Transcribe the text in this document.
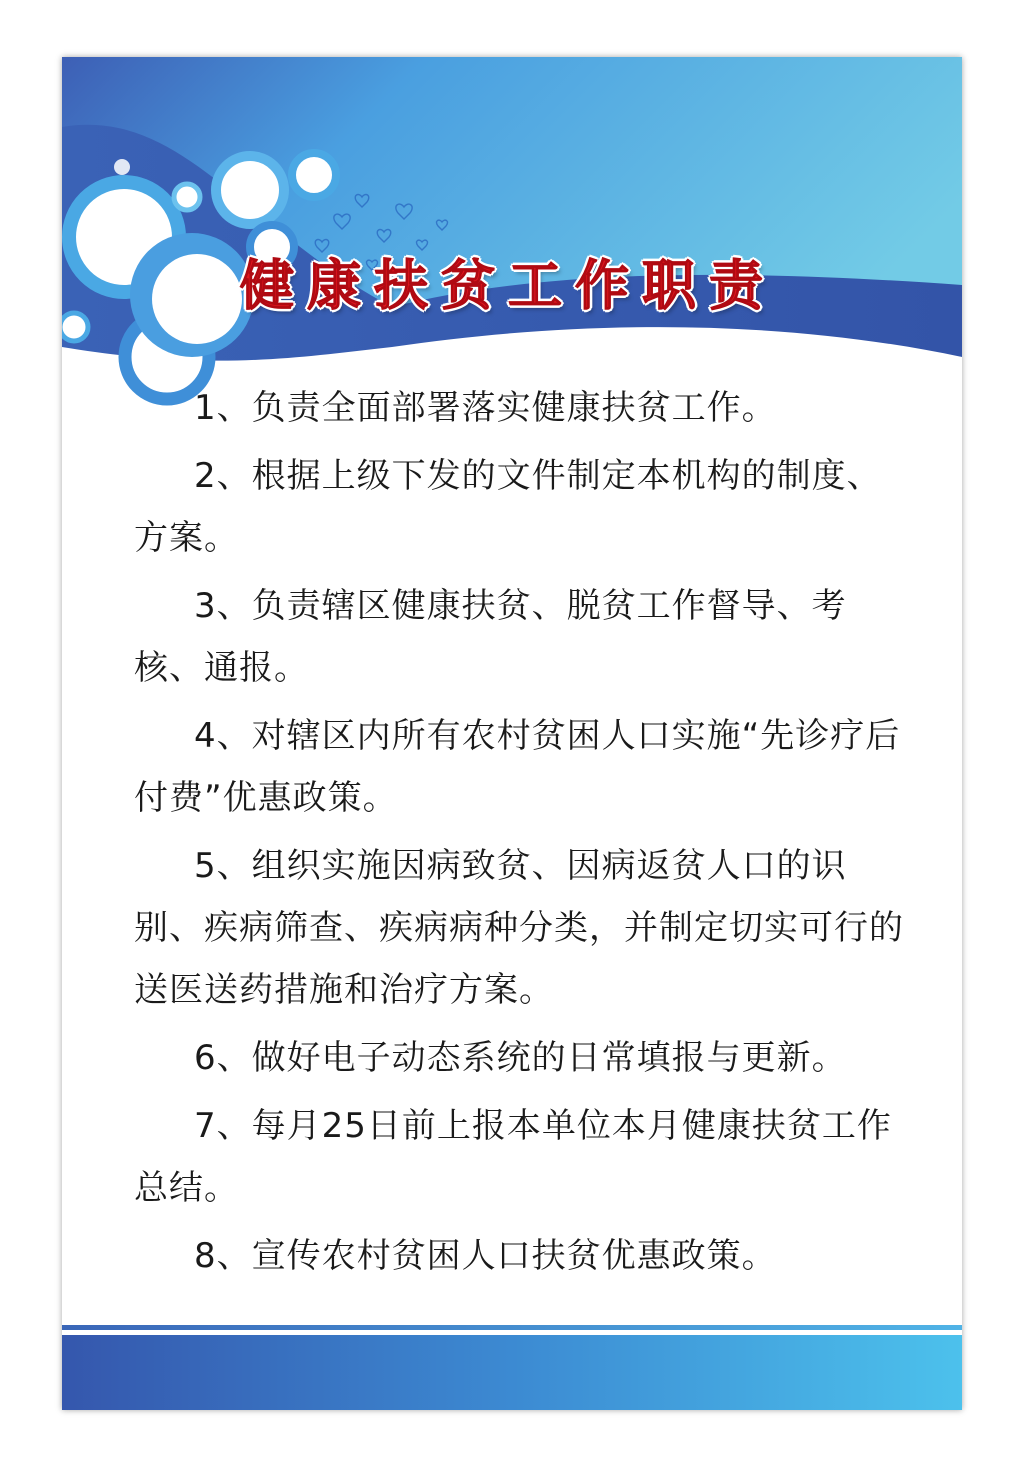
健康扶贫工作职责

1、负责全面部署落实健康扶贫工作。

2、根据上级下发的文件制定本机构的制度、方案。

3、负责辖区健康扶贫、脱贫工作督导、考核、通报。

4、对辖区内所有农村贫困人口实施“先诊疗后付费”优惠政策。

5、组织实施因病致贫、因病返贫人口的识别、疾病筛查、疾病病种分类，并制定切实可行的送医送药措施和治疗方案。

6、做好电子动态系统的日常填报与更新。

7、每月25日前上报本单位本月健康扶贫工作总结。

8、宣传农村贫困人口扶贫优惠政策。
